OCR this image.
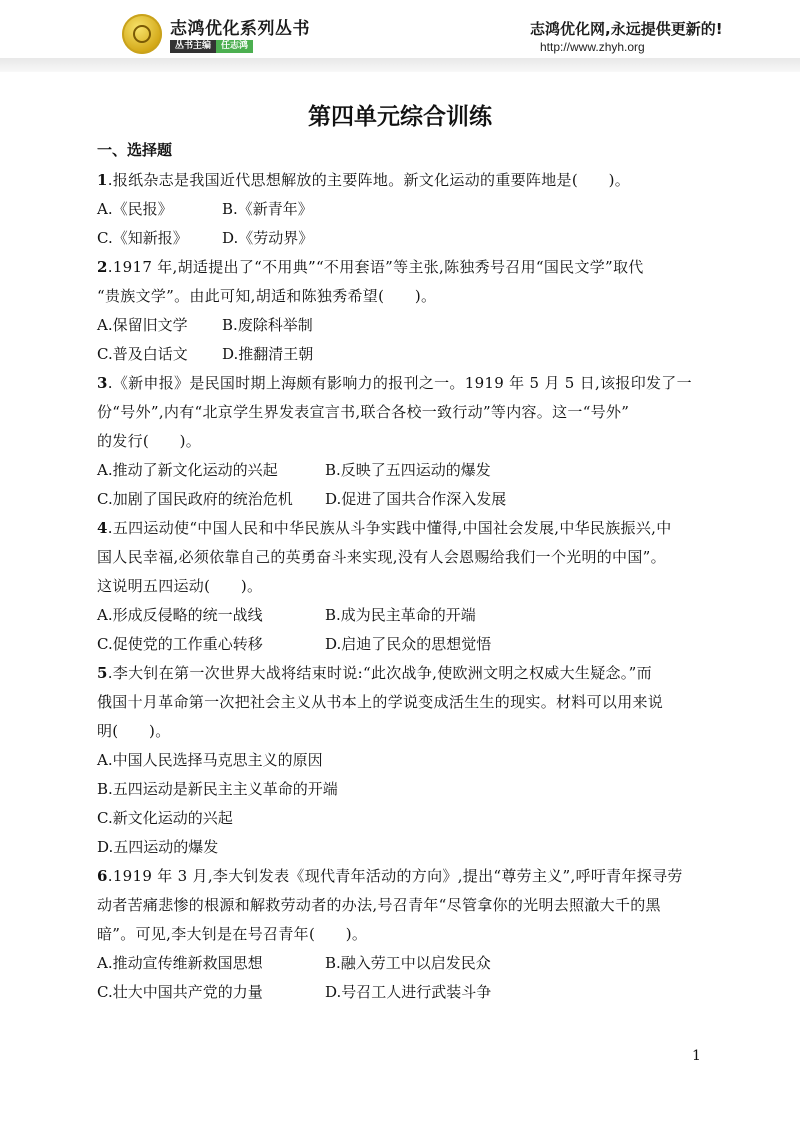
志鸿优化系列丛书
丛书主编	任志鸿
志鸿优化网,永远提供更新的!
http://www.zhyh.org
第四单元综合训练
一、选择题
1.报纸杂志是我国近代思想解放的主要阵地。新文化运动的重要阵地是(　　)。
A.《民报》	B.《新青年》
C.《知新报》 D.《劳动界》
2.1917 年,胡适提出了“不用典”“不用套语”等主张,陈独秀号召用“国民文学”取代
“贵族文学”。由此可知,胡适和陈独秀希望(　　)。
A.保留旧文学 B.废除科举制
C.普及白话文 D.推翻清王朝
3.《新申报》是民国时期上海颇有影响力的报刊之一。1919 年 5 月 5 日,该报印发了一
份“号外”,内有“北京学生界发表宣言书,联合各校一致行动”等内容。这一“号外”
的发行(　　)。
A.推动了新文化运动的兴起	B.反映了五四运动的爆发
C.加剧了国民政府的统治危机 D.促进了国共合作深入发展
4.五四运动使“中国人民和中华民族从斗争实践中懂得,中国社会发展,中华民族振兴,中
国人民幸福,必须依靠自己的英勇奋斗来实现,没有人会恩赐给我们一个光明的中国”。
这说明五四运动(　　)。
A.形成反侵略的统一战线	B.成为民主革命的开端
C.促使党的工作重心转移	D.启迪了民众的思想觉悟
5.李大钊在第一次世界大战将结束时说:“此次战争,使欧洲文明之权威大生疑念。”而
俄国十月革命第一次把社会主义从书本上的学说变成活生生的现实。材料可以用来说
明(　　)。
A.中国人民选择马克思主义的原因
B.五四运动是新民主主义革命的开端
C.新文化运动的兴起
D.五四运动的爆发
6.1919 年 3 月,李大钊发表《现代青年活动的方向》,提出“尊劳主义”,呼吁青年探寻劳
动者苦痛悲惨的根源和解救劳动者的办法,号召青年“尽管拿你的光明去照澈大千的黑
暗”。可见,李大钊是在号召青年(　　)。
A.推动宣传维新救国思想	B.融入劳工中以启发民众
C.壮大中国共产党的力量	D.号召工人进行武装斗争
1
